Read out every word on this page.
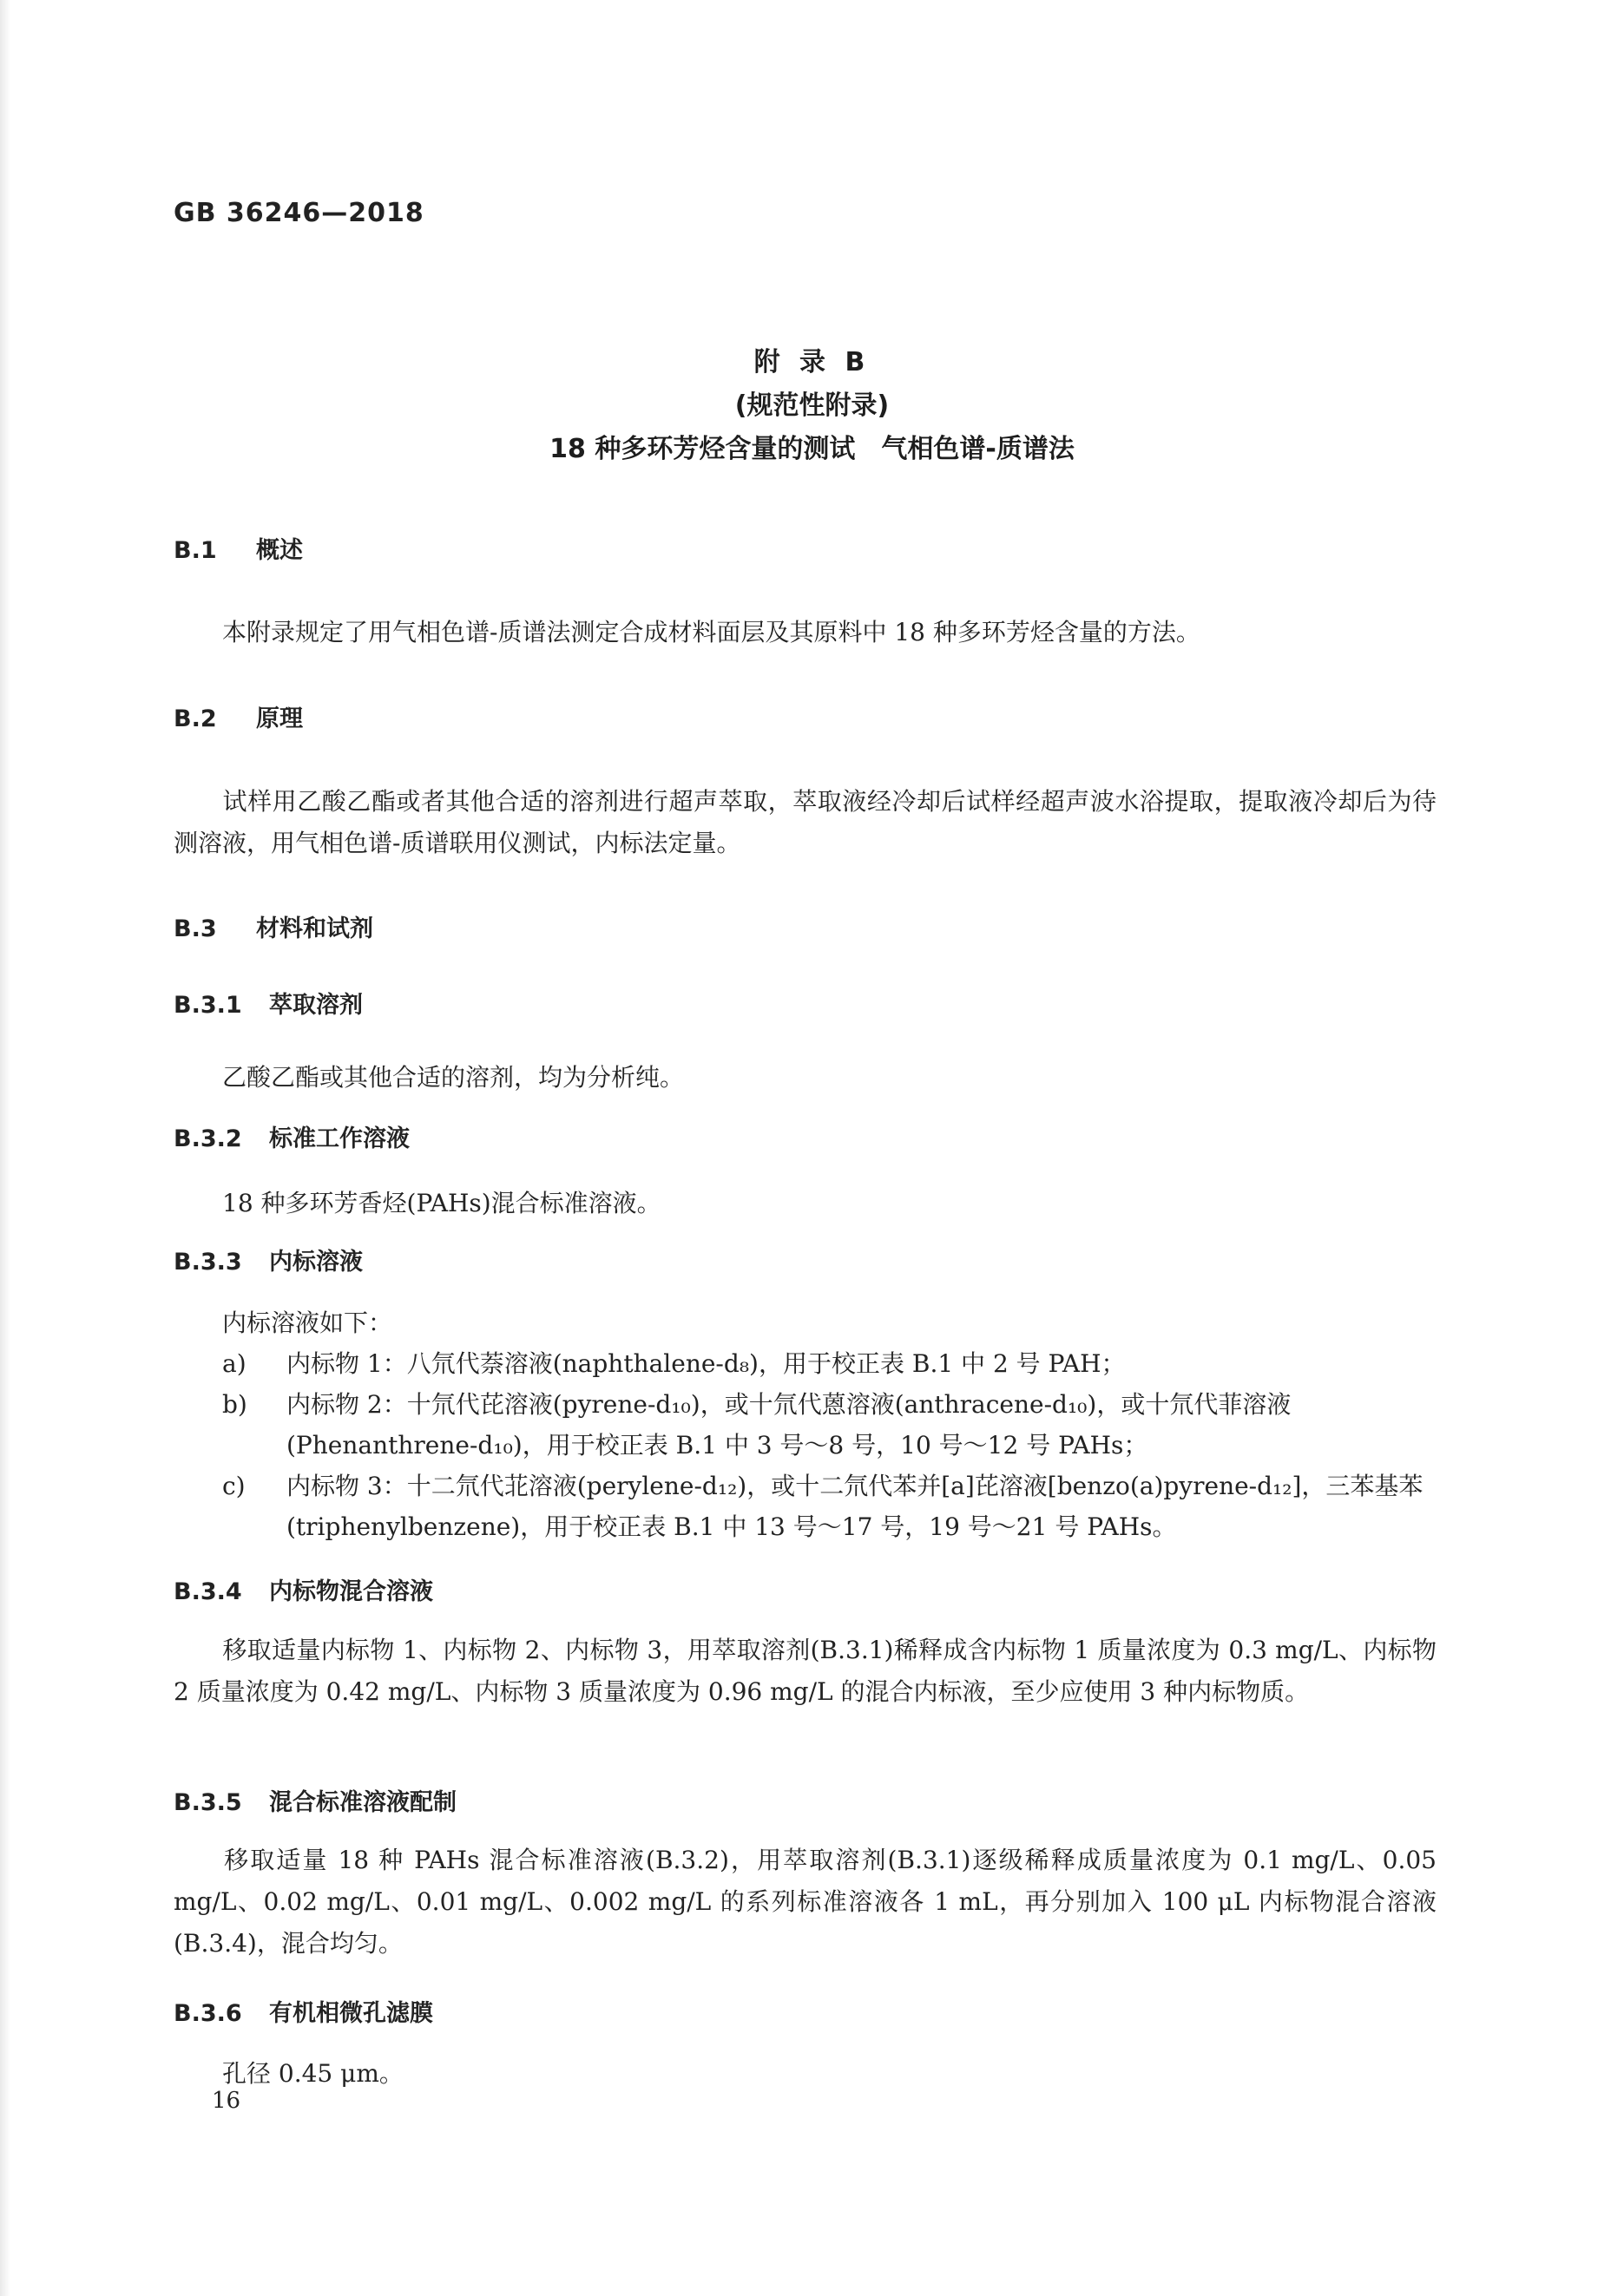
GB 36246—2018
附 录 B
(规范性附录)
18 种多环芳烃含量的测试　气相色谱-质谱法
B.1 概述
本附录规定了用气相色谱-质谱法测定合成材料面层及其原料中 18 种多环芳烃含量的方法。
B.2 原理
试样用乙酸乙酯或者其他合适的溶剂进行超声萃取，萃取液经冷却后试样经超声波水浴提取，提取液冷却后为待测溶液，用气相色谱-质谱联用仪测试，内标法定量。
B.3 材料和试剂
B.3.1 萃取溶剂
乙酸乙酯或其他合适的溶剂，均为分析纯。
B.3.2 标准工作溶液
18 种多环芳香烃(PAHs)混合标准溶液。
B.3.3 内标溶液
内标溶液如下：
a)	内标物 1：八氘代萘溶液(naphthalene-d₈)，用于校正表 B.1 中 2 号 PAH；
b)	内标物 2：十氘代芘溶液(pyrene-d₁₀)，或十氘代蒽溶液(anthracene-d₁₀)，或十氘代菲溶液(Phenanthrene-d₁₀)，用于校正表 B.1 中 3 号～8 号，10 号～12 号 PAHs；
c)	内标物 3：十二氘代苝溶液(perylene-d₁₂)，或十二氘代苯并[a]芘溶液[benzo(a)pyrene-d₁₂]，三苯基苯(triphenylbenzene)，用于校正表 B.1 中 13 号～17 号，19 号～21 号 PAHs。
B.3.4 内标物混合溶液
移取适量内标物 1、内标物 2、内标物 3，用萃取溶剂(B.3.1)稀释成含内标物 1 质量浓度为 0.3 mg/L、内标物 2 质量浓度为 0.42 mg/L、内标物 3 质量浓度为 0.96 mg/L 的混合内标液，至少应使用 3 种内标物质。
B.3.5 混合标准溶液配制
移取适量 18 种 PAHs 混合标准溶液(B.3.2)，用萃取溶剂(B.3.1)逐级稀释成质量浓度为 0.1 mg/L、0.05 mg/L、0.02 mg/L、0.01 mg/L、0.002 mg/L 的系列标准溶液各 1 mL，再分别加入 100 μL 内标物混合溶液(B.3.4)，混合均匀。
B.3.6 有机相微孔滤膜
孔径 0.45 μm。
16
